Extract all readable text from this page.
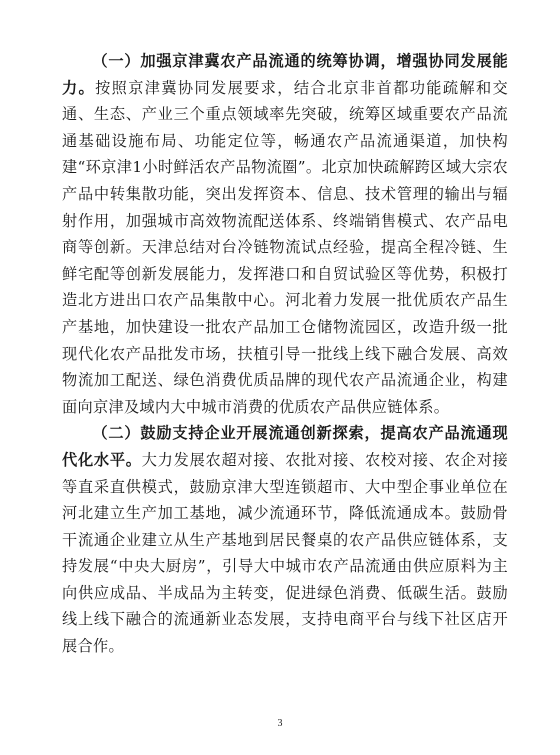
（一）加强京津冀农产品流通的统筹协调，增强协同发展能力。按照京津冀协同发展要求，结合北京非首都功能疏解和交通、生态、产业三个重点领域率先突破，统筹区域重要农产品流通基础设施布局、功能定位等，畅通农产品流通渠道，加快构建“环京津1小时鲜活农产品物流圈”。北京加快疏解跨区域大宗农产品中转集散功能，突出发挥资本、信息、技术管理的输出与辐射作用，加强城市高效物流配送体系、终端销售模式、农产品电商等创新。天津总结对台冷链物流试点经验，提高全程冷链、生鲜宅配等创新发展能力，发挥港口和自贸试验区等优势，积极打造北方进出口农产品集散中心。河北着力发展一批优质农产品生产基地，加快建设一批农产品加工仓储物流园区，改造升级一批现代化农产品批发市场，扶植引导一批线上线下融合发展、高效物流加工配送、绿色消费优质品牌的现代农产品流通企业，构建面向京津及域内大中城市消费的优质农产品供应链体系。

（二）鼓励支持企业开展流通创新探索，提高农产品流通现代化水平。大力发展农超对接、农批对接、农校对接、农企对接等直采直供模式，鼓励京津大型连锁超市、大中型企事业单位在河北建立生产加工基地，减少流通环节，降低流通成本。鼓励骨干流通企业建立从生产基地到居民餐桌的农产品供应链体系，支持发展“中央大厨房”，引导大中城市农产品流通由供应原料为主向供应成品、半成品为主转变，促进绿色消费、低碳生活。鼓励线上线下融合的流通新业态发展，支持电商平台与线下社区店开展合作。

3
